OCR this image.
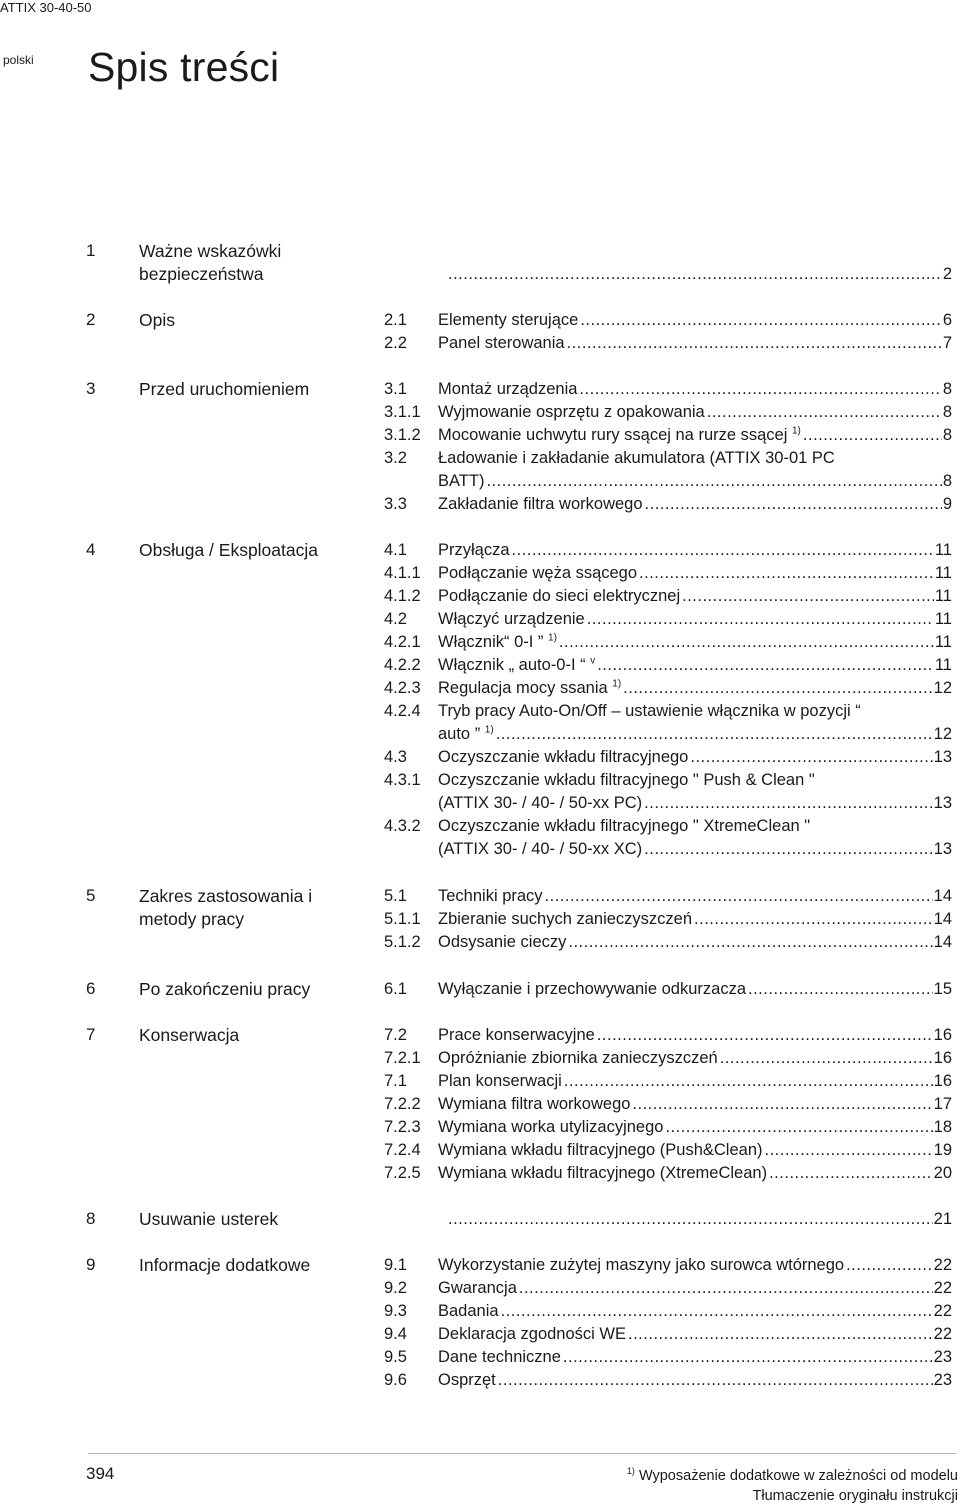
ATTIX 30-40-50
polski Spis treści
1 Ważne wskazówki bezpieczeństwa .....	2
2 Opis	2.1 Elementy sterujące .....	6
2.2 Panel sterowania .....	7
3 Przed uruchomieniem	3.1 Montaż urządzenia .....	8
3.1.1 Wyjmowanie osprzętu z opakowania .....	8
3.1.2 Mocowanie uchwytu rury ssącej na rurze ssącej $^{1)}$ .....	8
3.2 Ładowanie i zakładanie akumulatora (ATTIX 30-01 PC
BATT) .....	8
3.3 Zakładanie filtra workowego .....	9
4 Obsługa / Eksploatacja	4.1 Przyłącza .....	11
4.1.1 Podłączanie węża ssącego .....	11
4.1.2 Podłączanie do sieci elektrycznej .....	11
4.2 Włączyć urządzenie .....	11
4.2.1 Włącznik“ 0-I ” $^{1)}$ .....	11
4.2.2 Włącznik „ auto-0-I “ $^v$ .....	11
4.2.3 Regulacja mocy ssania $^{1)}$ .....	12
4.2.4 Tryb pracy Auto-On/Off – ustawienie włącznika w pozycji “
auto ” $^{1)}$ .....	12
4.3 Oczyszczanie wkładu filtracyjnego .....	13
4.3.1 Oczyszczanie wkładu filtracyjnego " Push & Clean "
(ATTIX 30- / 40- / 50-xx PC) .....	13
4.3.2 Oczyszczanie wkładu filtracyjnego " XtremeClean "
(ATTIX 30- / 40- / 50-xx XC) .....	13
5 Zakres zastosowania i metody pracy
5.1 Techniki pracy .....	14
5.1.1 Zbieranie suchych zanieczyszczeń .....	14
5.1.2 Odsysanie cieczy .....	14
6 Po zakończeniu pracy	6.1 Wyłączanie i przechowywanie odkurzacza .....	15
7 Konserwacja	7.2 Prace konserwacyjne .....	16
7.2.1 Opróżnianie zbiornika zanieczyszczeń .....	16
7.1 Plan konserwacji .....	16
7.2.2 Wymiana filtra workowego .....	17
7.2.3 Wymiana worka utylizacyjnego .....	18
7.2.4 Wymiana wkładu filtracyjnego (Push&Clean) .....	19
7.2.5 Wymiana wkładu filtracyjnego (XtremeClean) .....	20
8 Usuwanie usterek .....	21
9 Informacje dodatkowe	9.1 Wykorzystanie zużytej maszyny jako surowca wtórnego .....	22
9.2 Gwarancja .....	22
9.3 Badania .....	22
9.4 Deklaracja zgodności WE .....	22
9.5 Dane techniczne .....	23
9.6 Osprzęt .....	23
394	$^{1)}$ Wyposażenie dodatkowe w zależności od modelu
Tłumaczenie oryginału instrukcji
